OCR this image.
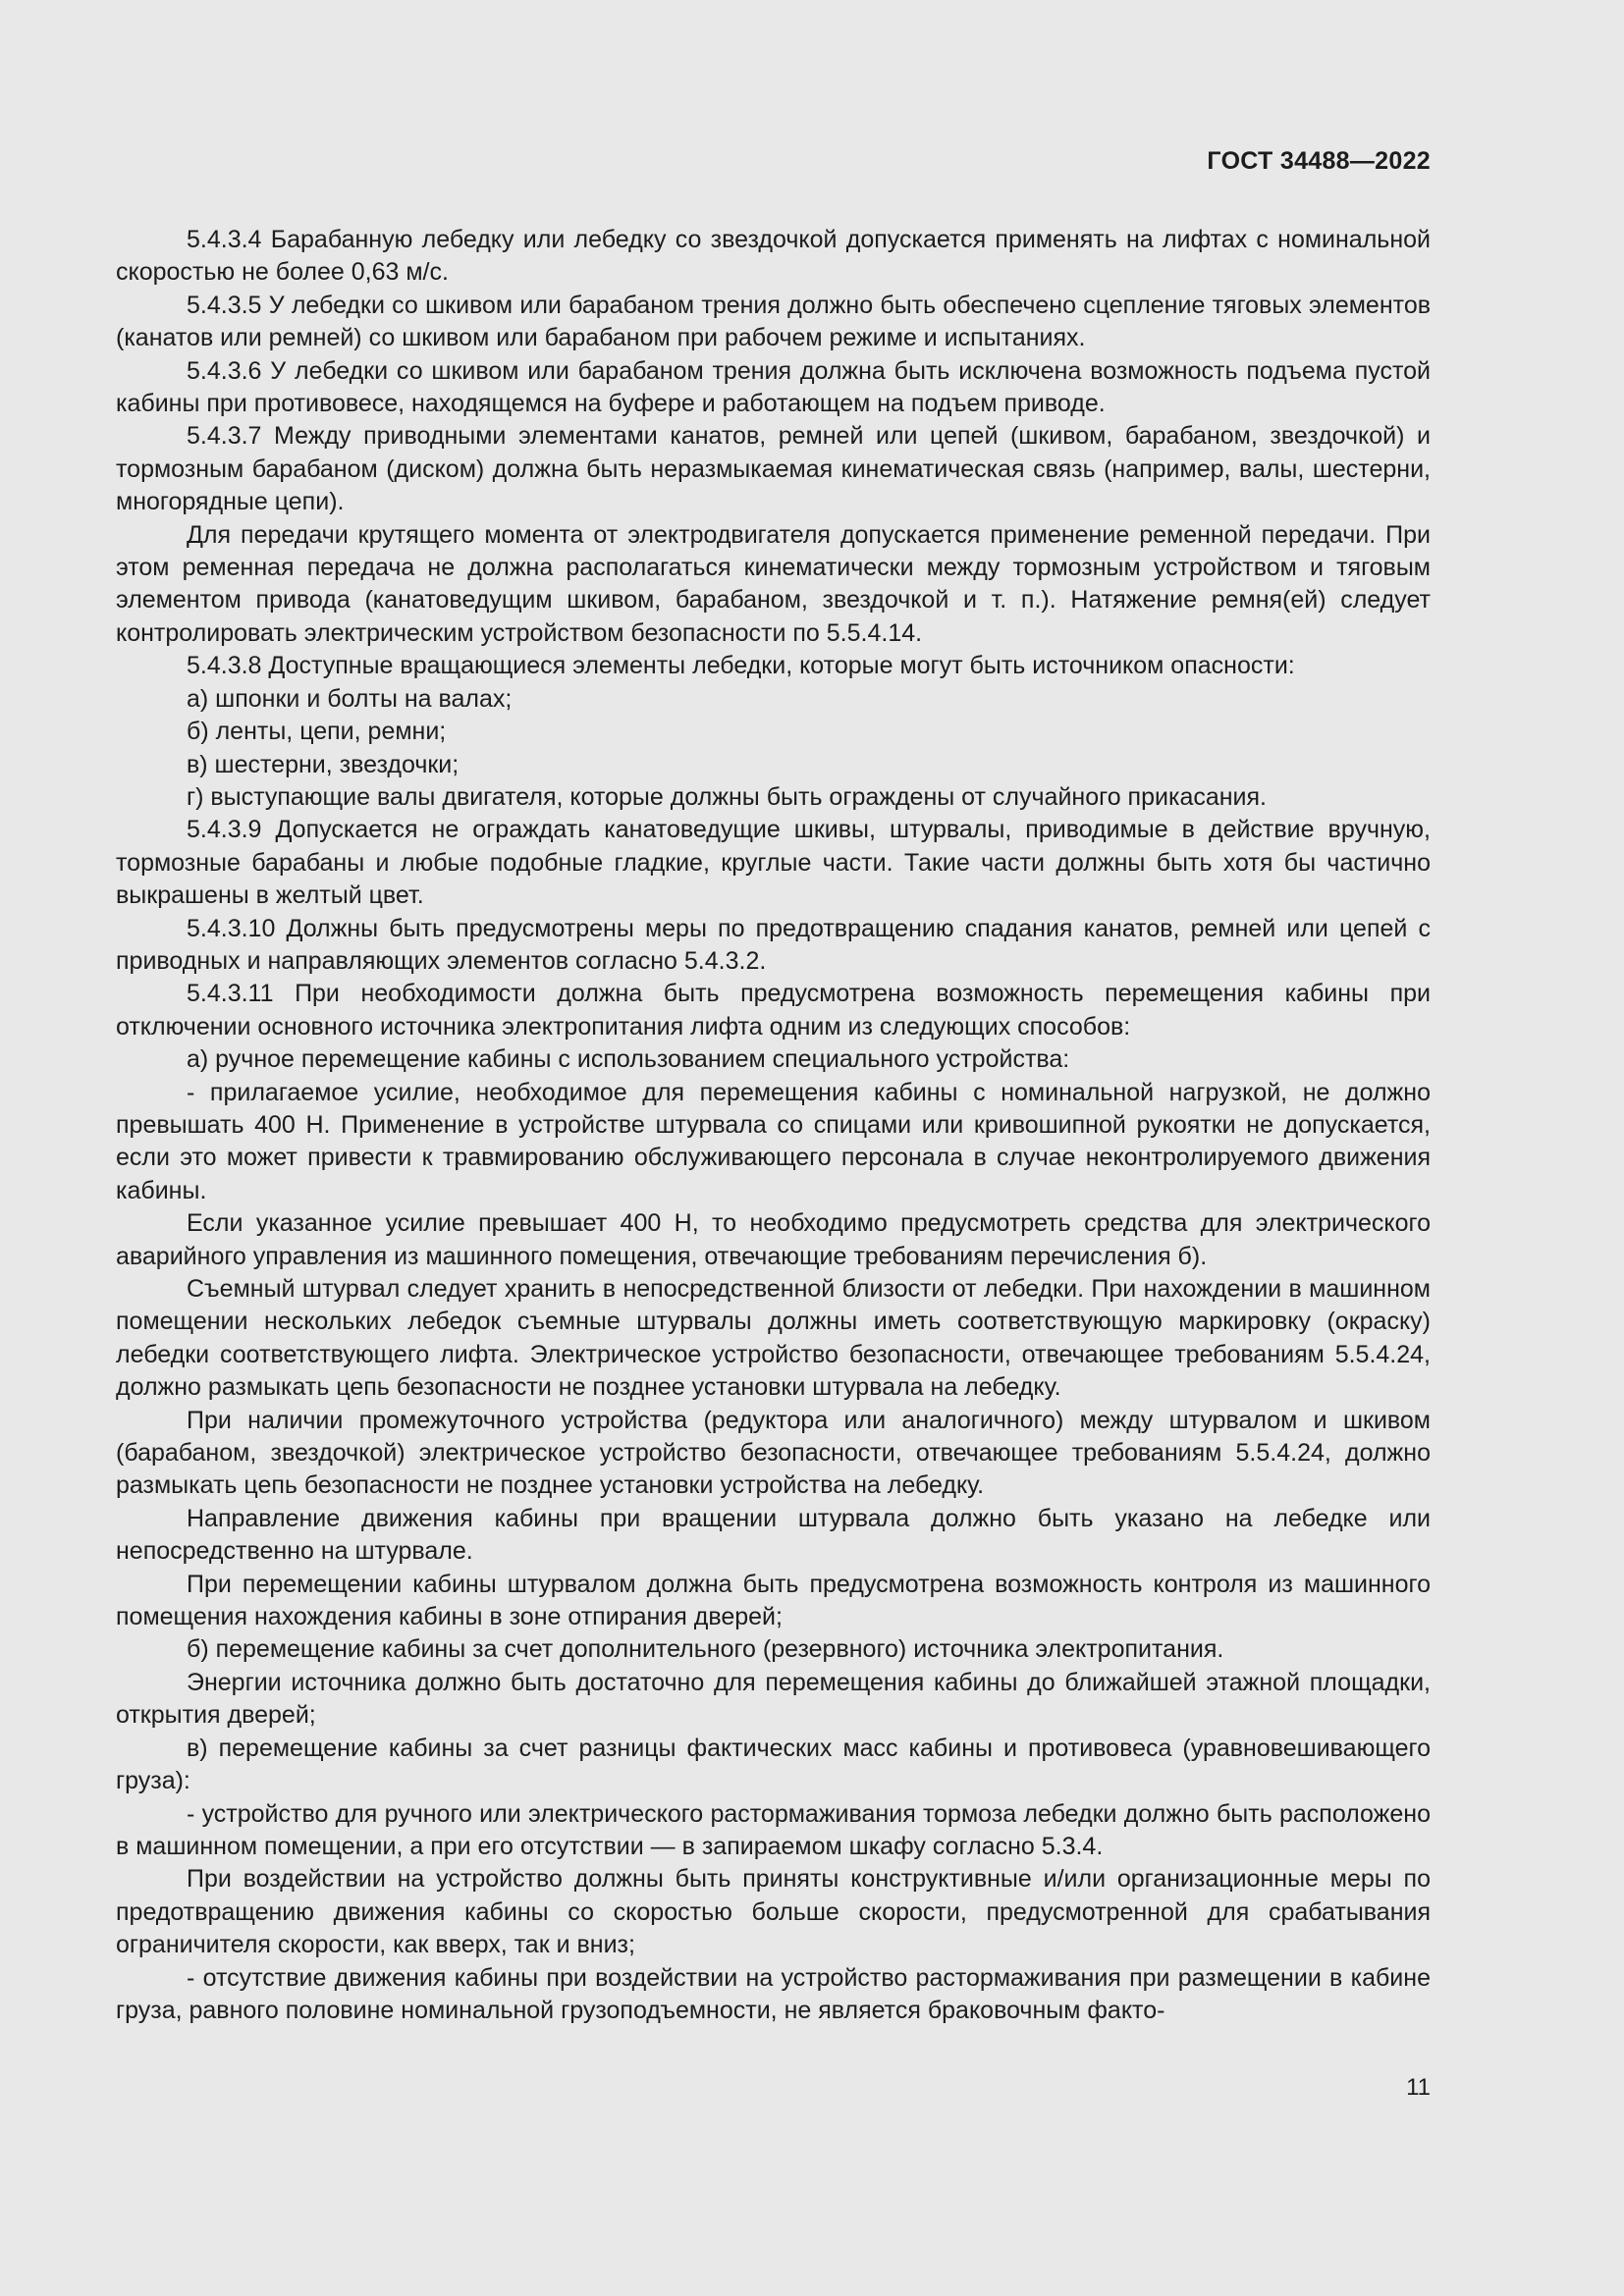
ГОСТ 34488—2022

5.4.3.4 Барабанную лебедку или лебедку со звездочкой допускается применять на лифтах с номинальной скоростью не более 0,63 м/с.

5.4.3.5 У лебедки со шкивом или барабаном трения должно быть обеспечено сцепление тяговых элементов (канатов или ремней) со шкивом или барабаном при рабочем режиме и испытаниях.

5.4.3.6 У лебедки со шкивом или барабаном трения должна быть исключена возможность подъема пустой кабины при противовесе, находящемся на буфере и работающем на подъем приводе.

5.4.3.7 Между приводными элементами канатов, ремней или цепей (шкивом, барабаном, звездочкой) и тормозным барабаном (диском) должна быть неразмыкаемая кинематическая связь (например, валы, шестерни, многорядные цепи).

Для передачи крутящего момента от электродвигателя допускается применение ременной передачи. При этом ременная передача не должна располагаться кинематически между тормозным устройством и тяговым элементом привода (канатоведущим шкивом, барабаном, звездочкой и т. п.). Натяжение ремня(ей) следует контролировать электрическим устройством безопасности по 5.5.4.14.

5.4.3.8 Доступные вращающиеся элементы лебедки, которые могут быть источником опасности:

а) шпонки и болты на валах;

б) ленты, цепи, ремни;

в) шестерни, звездочки;

г) выступающие валы двигателя, которые должны быть ограждены от случайного прикасания.

5.4.3.9 Допускается не ограждать канатоведущие шкивы, штурвалы, приводимые в действие вручную, тормозные барабаны и любые подобные гладкие, круглые части. Такие части должны быть хотя бы частично выкрашены в желтый цвет.

5.4.3.10 Должны быть предусмотрены меры по предотвращению спадания канатов, ремней или цепей с приводных и направляющих элементов согласно 5.4.3.2.

5.4.3.11 При необходимости должна быть предусмотрена возможность перемещения кабины при отключении основного источника электропитания лифта одним из следующих способов:

а) ручное перемещение кабины с использованием специального устройства:

- прилагаемое усилие, необходимое для перемещения кабины с номинальной нагрузкой, не должно превышать 400 Н. Применение в устройстве штурвала со спицами или кривошипной рукоятки не допускается, если это может привести к травмированию обслуживающего персонала в случае неконтролируемого движения кабины.

Если указанное усилие превышает 400 Н, то необходимо предусмотреть средства для электрического аварийного управления из машинного помещения, отвечающие требованиям перечисления б).

Съемный штурвал следует хранить в непосредственной близости от лебедки. При нахождении в машинном помещении нескольких лебедок съемные штурвалы должны иметь соответствующую маркировку (окраску) лебедки соответствующего лифта. Электрическое устройство безопасности, отвечающее требованиям 5.5.4.24, должно размыкать цепь безопасности не позднее установки штурвала на лебедку.

При наличии промежуточного устройства (редуктора или аналогичного) между штурвалом и шкивом (барабаном, звездочкой) электрическое устройство безопасности, отвечающее требованиям 5.5.4.24, должно размыкать цепь безопасности не позднее установки устройства на лебедку.

Направление движения кабины при вращении штурвала должно быть указано на лебедке или непосредственно на штурвале.

При перемещении кабины штурвалом должна быть предусмотрена возможность контроля из машинного помещения нахождения кабины в зоне отпирания дверей;

б) перемещение кабины за счет дополнительного (резервного) источника электропитания.

Энергии источника должно быть достаточно для перемещения кабины до ближайшей этажной площадки, открытия дверей;

в) перемещение кабины за счет разницы фактических масс кабины и противовеса (уравновешивающего груза):

- устройство для ручного или электрического растормаживания тормоза лебедки должно быть расположено в машинном помещении, а при его отсутствии — в запираемом шкафу согласно 5.3.4.

При воздействии на устройство должны быть приняты конструктивные и/или организационные меры по предотвращению движения кабины со скоростью больше скорости, предусмотренной для срабатывания ограничителя скорости, как вверх, так и вниз;

- отсутствие движения кабины при воздействии на устройство растормаживания при размещении в кабине груза, равного половине номинальной грузоподъемности, не является браковочным факто-

11
